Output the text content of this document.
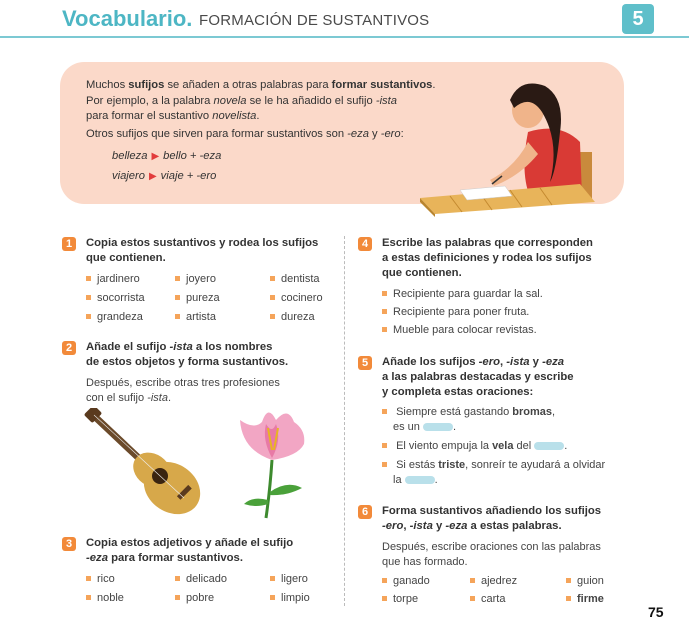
Vocabulario. FORMACIÓN DE SUSTANTIVOS	5
Muchos sufijos se añaden a otras palabras para formar sustantivos.
Por ejemplo, a la palabra novela se le ha añadido el sufijo -ista
para formar el sustantivo novelista.
Otros sufijos que sirven para formar sustantivos son -eza y -ero:
belleza ▶ bello + -eza
viajero ▶ viaje + -ero
1	Copia estos sustantivos y rodea los sufijos
que contienen.
jardinero	joyero	dentista
socorrista	pureza	cocinero
grandeza	artista	dureza
2	Añade el sufijo -ista a los nombres
de estos objetos y forma sustantivos.
Después, escribe otras tres profesiones
con el sufijo -ista.
3	Copia estos adjetivos y añade el sufijo
-eza para formar sustantivos.
rico	delicado	ligero
noble	pobre	limpio
4	Escribe las palabras que corresponden
a estas definiciones y rodea los sufijos
que contienen.
Recipiente para guardar la sal.
Recipiente para poner fruta.
Mueble para colocar revistas.
5	Añade los sufijos -ero, -ista y -eza
a las palabras destacadas y escribe
y completa estas oraciones:
Siempre está gastando bromas,
es un	.
El viento empuja la vela del	.
Si estás triste, sonreír te ayudará a olvidar
la	.
6	Forma sustantivos añadiendo los sufijos
-ero, -ista y -eza a estas palabras.
Después, escribe oraciones con las palabras
que has formado.
ganado	ajedrez	guion
torpe	carta	firme
75
